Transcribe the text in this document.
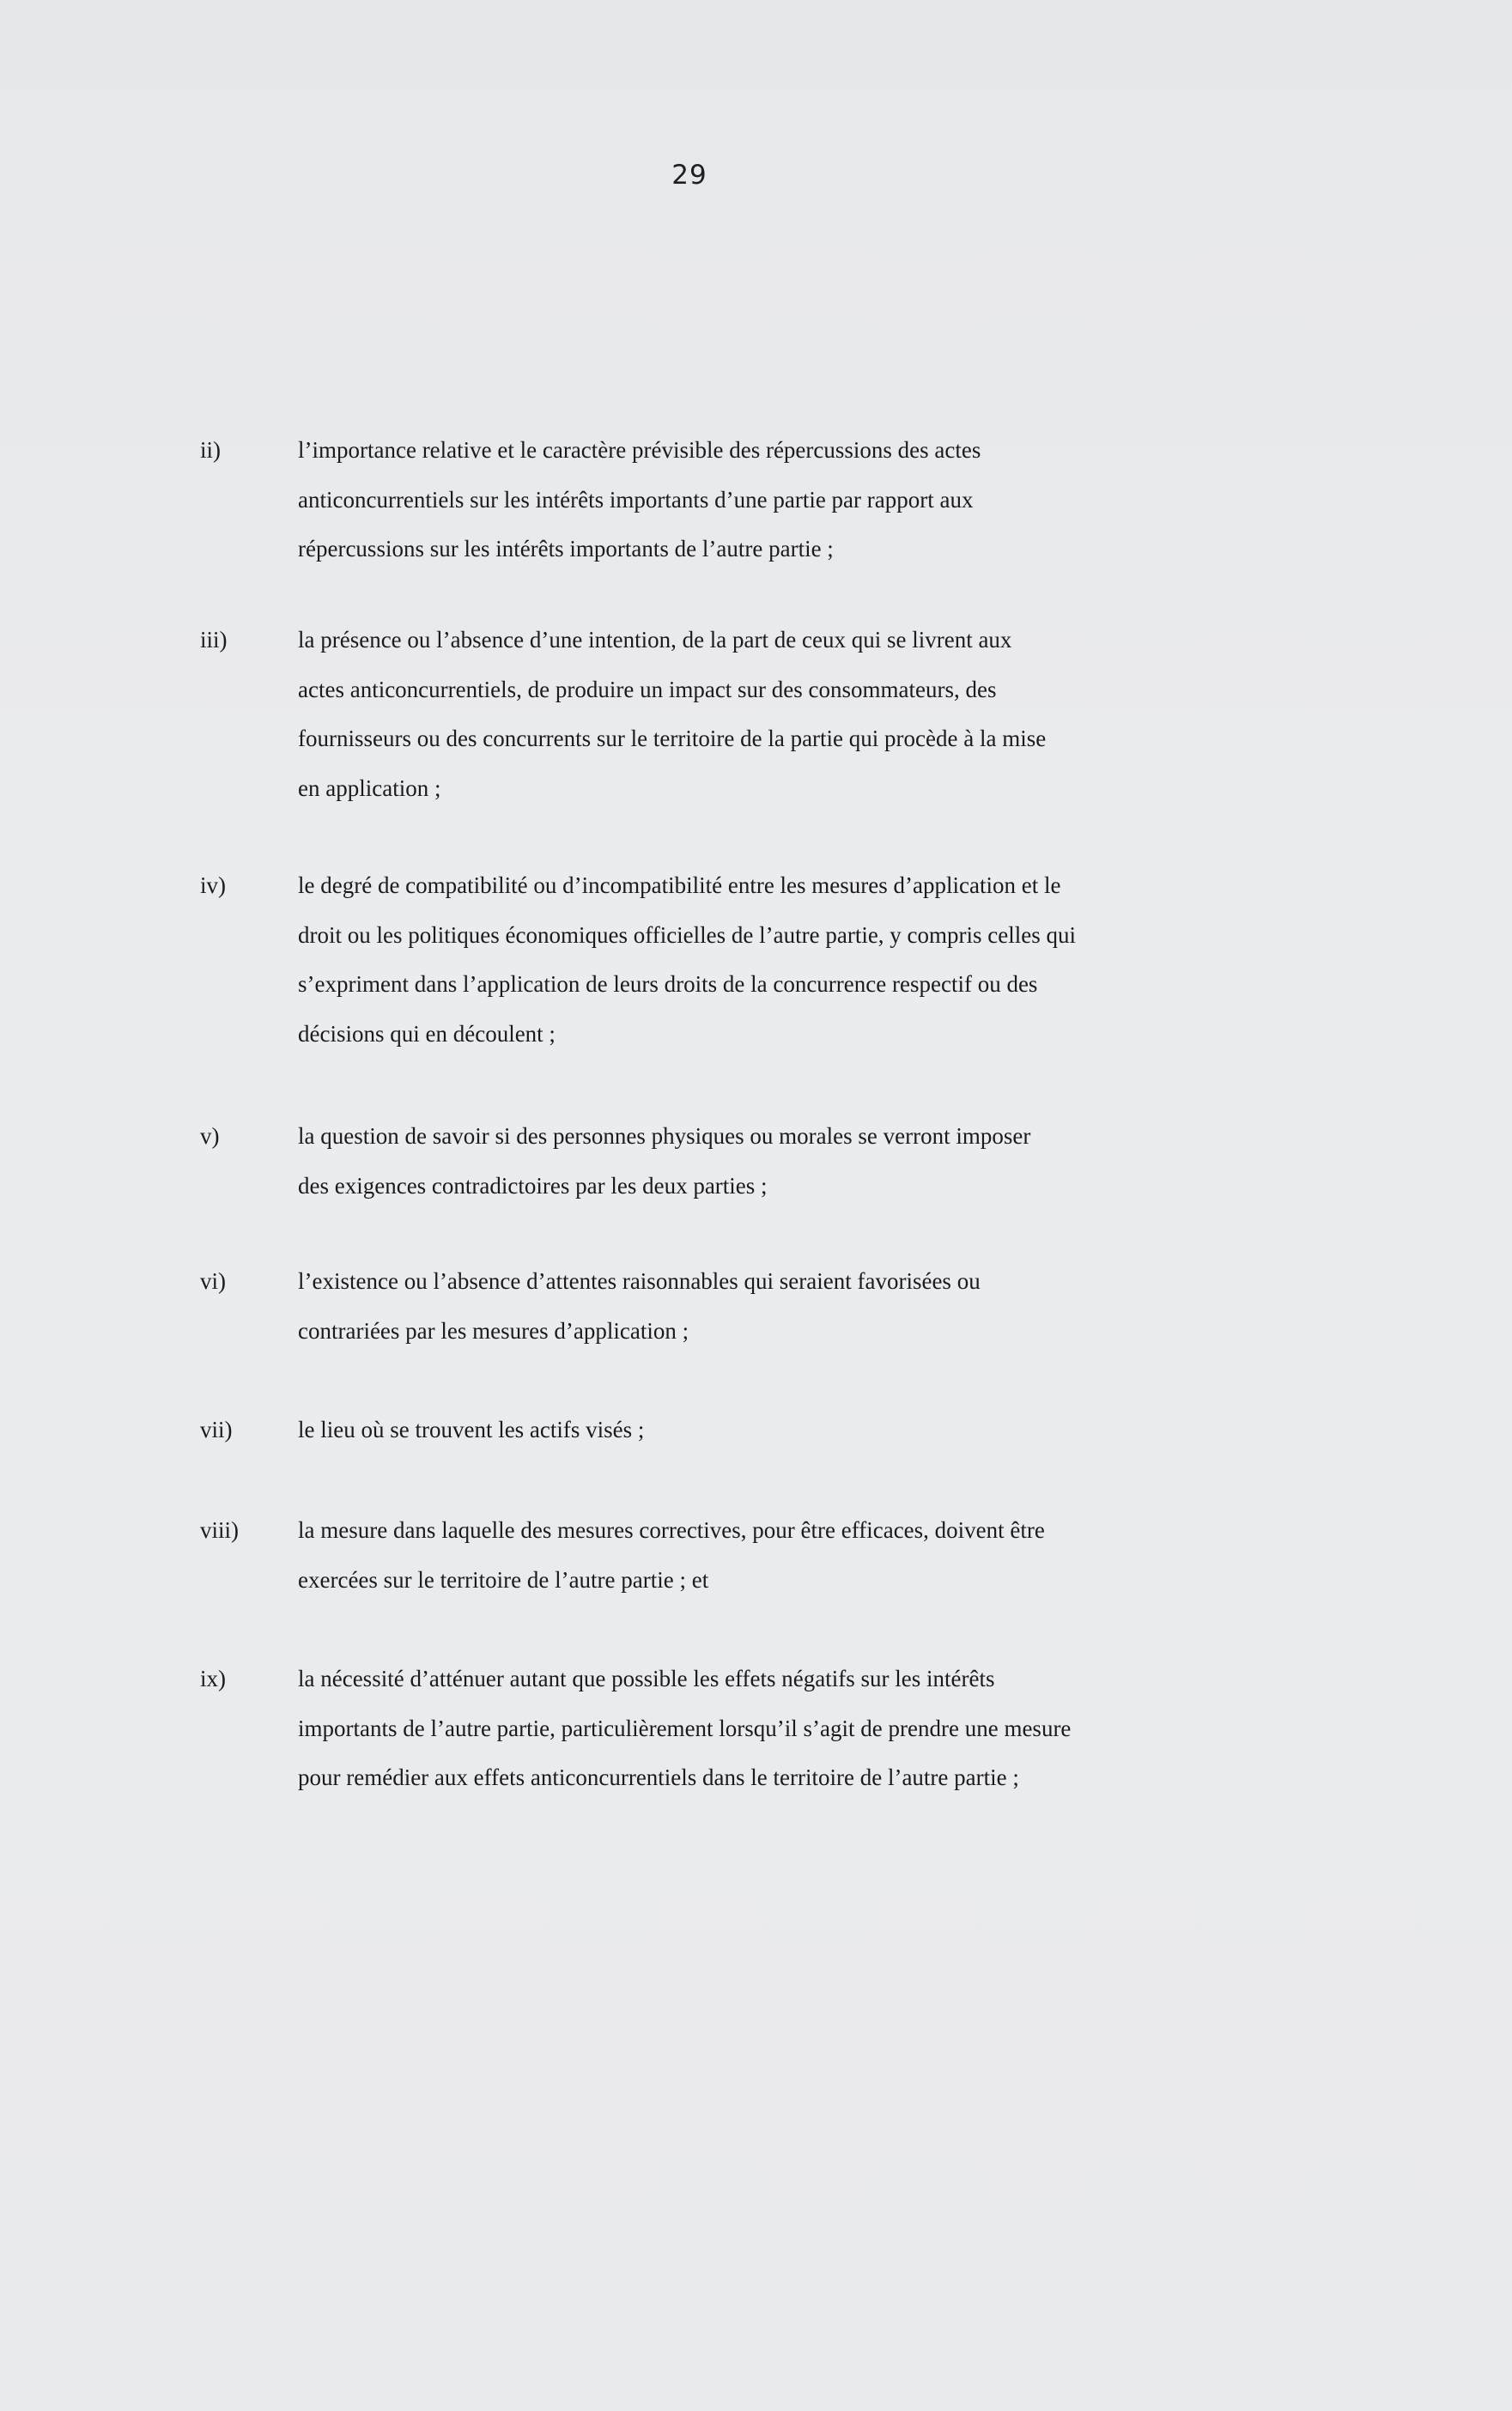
29
ii)	l’importance relative et le caractère prévisible des répercussions des actes
anticoncurrentiels sur les intérêts importants d’une partie par rapport aux
répercussions sur les intérêts importants de l’autre partie ;
iii)	la présence ou l’absence d’une intention, de la part de ceux qui se livrent aux
actes anticoncurrentiels, de produire un impact sur des consommateurs, des
fournisseurs ou des concurrents sur le territoire de la partie qui procède à la mise
en application ;
iv)	le degré de compatibilité ou d’incompatibilité entre les mesures d’application et le
droit ou les politiques économiques officielles de l’autre partie, y compris celles qui
s’expriment dans l’application de leurs droits de la concurrence respectif ou des
décisions qui en découlent ;
v)	la question de savoir si des personnes physiques ou morales se verront imposer
des exigences contradictoires par les deux parties ;
vi)	l’existence ou l’absence d’attentes raisonnables qui seraient favorisées ou
contrariées par les mesures d’application ;
vii)	le lieu où se trouvent les actifs visés ;
viii)	la mesure dans laquelle des mesures correctives, pour être efficaces, doivent être
exercées sur le territoire de l’autre partie ; et
ix)	la nécessité d’atténuer autant que possible les effets négatifs sur les intérêts
importants de l’autre partie, particulièrement lorsqu’il s’agit de prendre une mesure
pour remédier aux effets anticoncurrentiels dans le territoire de l’autre partie ;
